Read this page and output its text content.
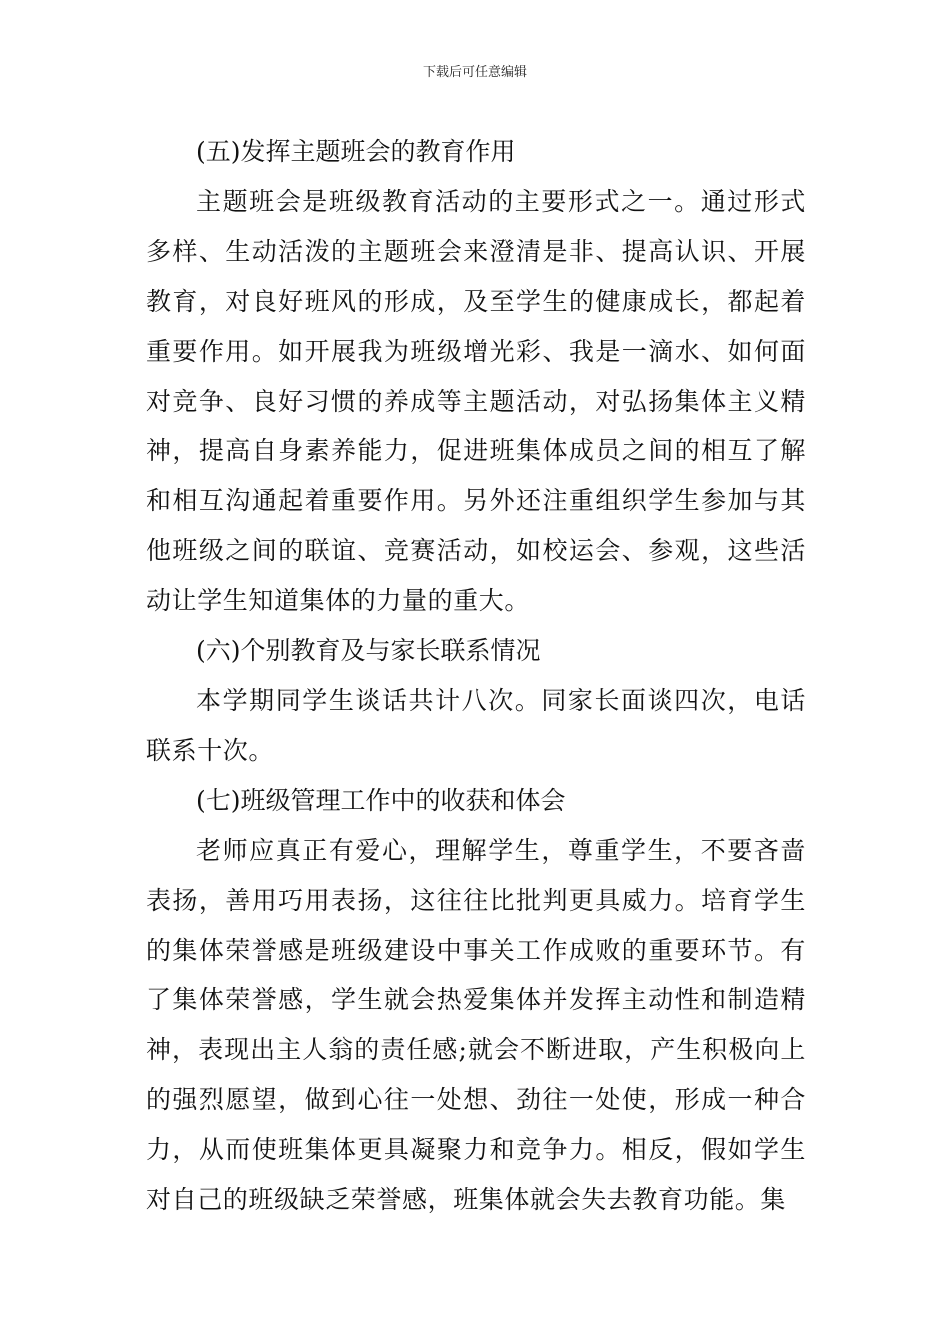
下载后可任意编辑

(五)发挥主题班会的教育作用

主题班会是班级教育活动的主要形式之一。通过形式多样、生动活泼的主题班会来澄清是非、提高认识、开展教育，对良好班风的形成，及至学生的健康成长，都起着重要作用。如开展我为班级增光彩、我是一滴水、如何面对竞争、良好习惯的养成等主题活动，对弘扬集体主义精神，提高自身素养能力，促进班集体成员之间的相互了解和相互沟通起着重要作用。另外还注重组织学生参加与其他班级之间的联谊、竞赛活动，如校运会、参观，这些活动让学生知道集体的力量的重大。

(六)个别教育及与家长联系情况

本学期同学生谈话共计八次。同家长面谈四次，电话联系十次。

(七)班级管理工作中的收获和体会

老师应真正有爱心，理解学生，尊重学生，不要吝啬表扬，善用巧用表扬，这往往比批判更具威力。培育学生的集体荣誉感是班级建设中事关工作成败的重要环节。有了集体荣誉感，学生就会热爱集体并发挥主动性和制造精神，表现出主人翁的责任感;就会不断进取，产生积极向上的强烈愿望，做到心往一处想、劲往一处使，形成一种合力，从而使班集体更具凝聚力和竞争力。相反，假如学生对自己的班级缺乏荣誉感，班集体就会失去教育功能。集
